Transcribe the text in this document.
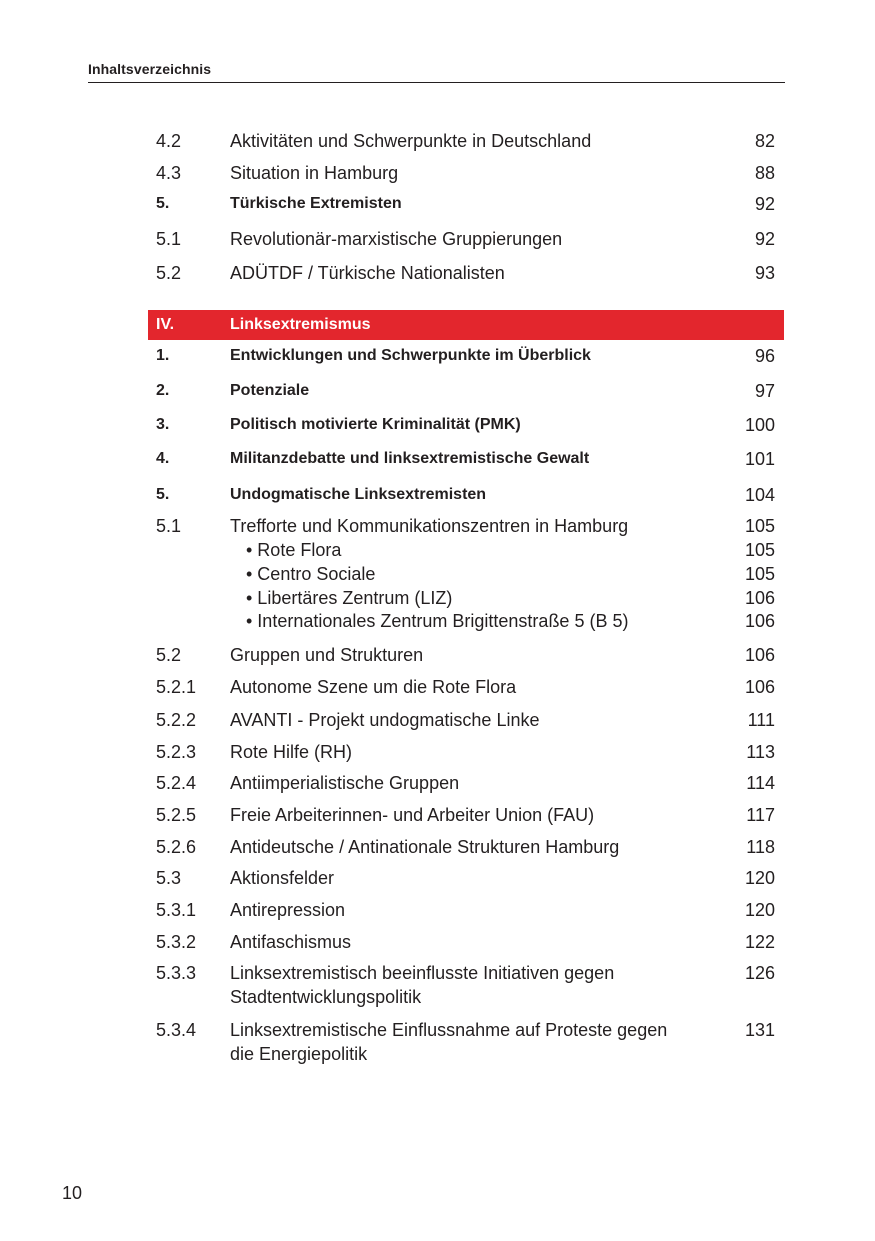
Inhaltsverzeichnis
4.2	Aktivitäten und Schwerpunkte in Deutschland	82
4.3	Situation in Hamburg	88
5.	Türkische Extremisten	92
5.1	Revolutionär-marxistische Gruppierungen	92
5.2	ADÜTDF / Türkische Nationalisten	93
IV.	Linksextremismus
1.	Entwicklungen und Schwerpunkte im Überblick	96
2.	Potenziale	97
3.	Politisch motivierte Kriminalität (PMK)	100
4.	Militanzdebatte und linksextremistische Gewalt	101
5.	Undogmatische Linksextremisten	104
5.1	Trefforte und Kommunikationszentren in Hamburg	105
• Rote Flora	105
• Centro Sociale	105
• Libertäres Zentrum (LIZ)	106
• Internationales Zentrum Brigittenstraße 5 (B 5)	106
5.2	Gruppen und Strukturen	106
5.2.1 Autonome Szene um die Rote Flora	106
5.2.2 AVANTI - Projekt undogmatische Linke	111
5.2.3 Rote Hilfe (RH)	113
5.2.4 Antiimperialistische Gruppen	114
5.2.5 Freie Arbeiterinnen- und Arbeiter Union (FAU)	117
5.2.6 Antideutsche / Antinationale Strukturen Hamburg	118
5.3	Aktionsfelder	120
5.3.1 Antirepression	120
5.3.2 Antifaschismus	122
5.3.3 Linksextremistisch beeinflusste Initiativen gegen	126
Stadtentwicklungspolitik
5.3.4 Linksextremistische Einflussnahme auf Proteste gegen	131
die Energiepolitik
10
